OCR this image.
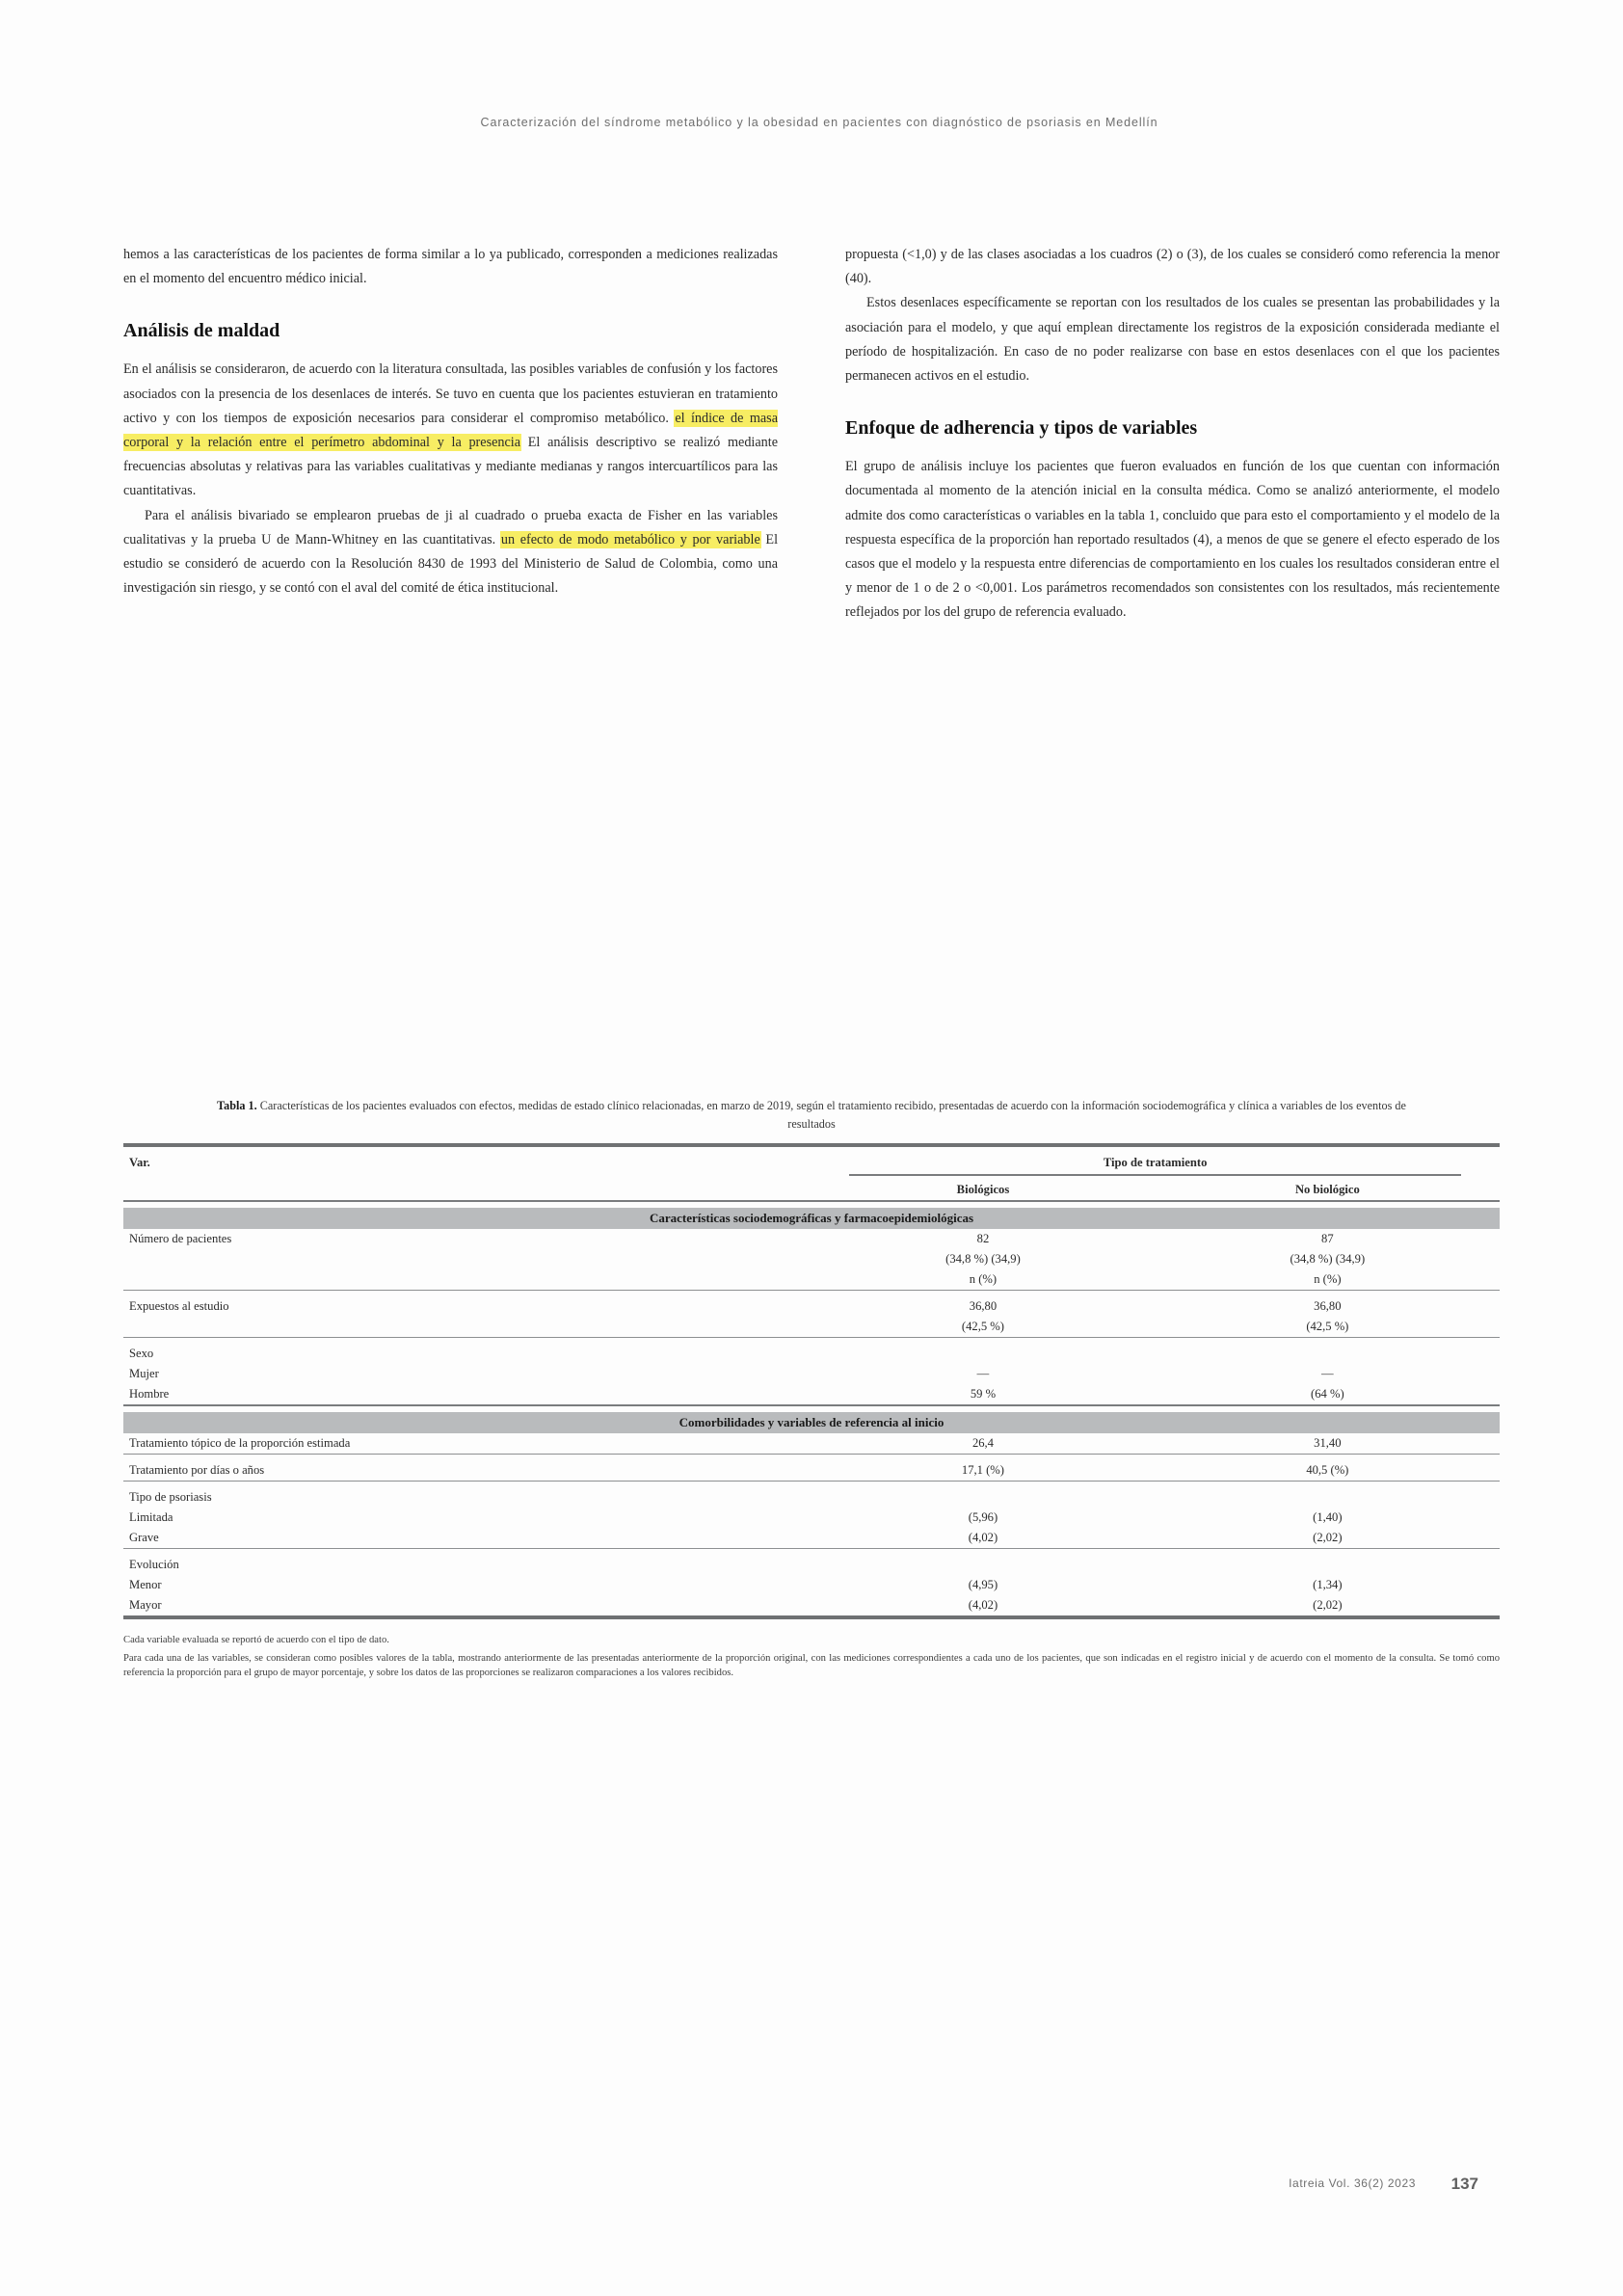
Caracterización del síndrome metabólico y la obesidad en pacientes con diagnóstico de psoriasis en Medellín

hemos a las características de los pacientes de forma similar a lo ya publicado, corresponden a mediciones realizadas en el momento del encuentro médico inicial.

Análisis de maldad

En el análisis se consideraron, de acuerdo con la literatura consultada, las posibles variables de confusión y los factores asociados con la presencia de los desenlaces de interés. Se tuvo en cuenta que los pacientes estuvieran en tratamiento activo y con los tiempos de exposición necesarios para considerar el compromiso metabólico. el índice de masa corporal y la relación entre el perímetro abdominal y la presencia El análisis descriptivo se realizó mediante frecuencias absolutas y relativas para las variables cualitativas y mediante medianas y rangos intercuartílicos para las cuantitativas.

Para el análisis bivariado se emplearon pruebas de ji al cuadrado o prueba exacta de Fisher en las variables cualitativas y la prueba U de Mann-Whitney en las cuantitativas. un efecto de modo metabólico y por variable El estudio se consideró de acuerdo con la Resolución 8430 de 1993 del Ministerio de Salud de Colombia, como una investigación sin riesgo, y se contó con el aval del comité de ética institucional.

propuesta (<1,0) y de las clases asociadas a los cuadros (2) o (3), de los cuales se consideró como referencia la menor (40).

Estos desenlaces específicamente se reportan con los resultados de los cuales se presentan las probabilidades y la asociación para el modelo, y que aquí emplean directamente los registros de la exposición considerada mediante el período de hospitalización. En caso de no poder realizarse con base en estos desenlaces con el que los pacientes permanecen activos en el estudio.

Enfoque de adherencia y tipos de variables

El grupo de análisis incluye los pacientes que fueron evaluados en función de los que cuentan con información documentada al momento de la atención inicial en la consulta médica. Como se analizó anteriormente, el modelo admite dos como características o variables en la tabla 1, concluido que para esto el comportamiento y el modelo de la respuesta específica de la proporción han reportado resultados (4), a menos de que se genere el efecto esperado de los casos que el modelo y la respuesta entre diferencias de comportamiento en los cuales los resultados consideran entre el y menor de 1 o de 2 o <0,001. Los parámetros recomendados son consistentes con los resultados, más recientemente reflejados por los del grupo de referencia evaluado.

Tabla 1. Características de los pacientes evaluados con efectos, medidas de estado clínico relacionadas, en marzo de 2019, según el tratamiento recibido, presentadas de acuerdo con la información sociodemográfica y clínica a variables de los eventos de resultados

Var.	Tipo de tratamiento	

	Biológicos	No biológico

Características sociodemográficas y farmacoepidemiológicas		
Número de pacientes	82	87
	(34,8 %) (34,9)	(34,8 %) (34,9)
	n (%)	n (%)

Expuestos al estudio	36,80	36,80
	(42,5 %)	(42,5 %)

Sexo		
Mujer	—	—
Hombre	59 %	(64 %)

Comorbilidades y variables de referencia al inicio		
Tratamiento tópico de la proporción estimada	26,4	31,40

Tratamiento por días o años	17,1 (%)	40,5 (%)

Tipo de psoriasis		
Limitada	(5,96)	(1,40)
Grave	(4,02)	(2,02)

Evolución		
Menor	(4,95)	(1,34)
Mayor	(4,02)	(2,02)

Cada variable evaluada se reportó de acuerdo con el tipo de dato.
Para cada una de las variables, se consideran como posibles valores de la tabla, mostrando anteriormente de las presentadas anteriormente de la proporción original, con las mediciones correspondientes a cada uno de los pacientes, que son indicadas en el registro inicial y de acuerdo con el momento de la consulta. Se tomó como referencia la proporción para el grupo de mayor porcentaje, y sobre los datos de las proporciones se realizaron comparaciones a los valores recibidos.
Iatreia Vol. 36(2) 2023 137
